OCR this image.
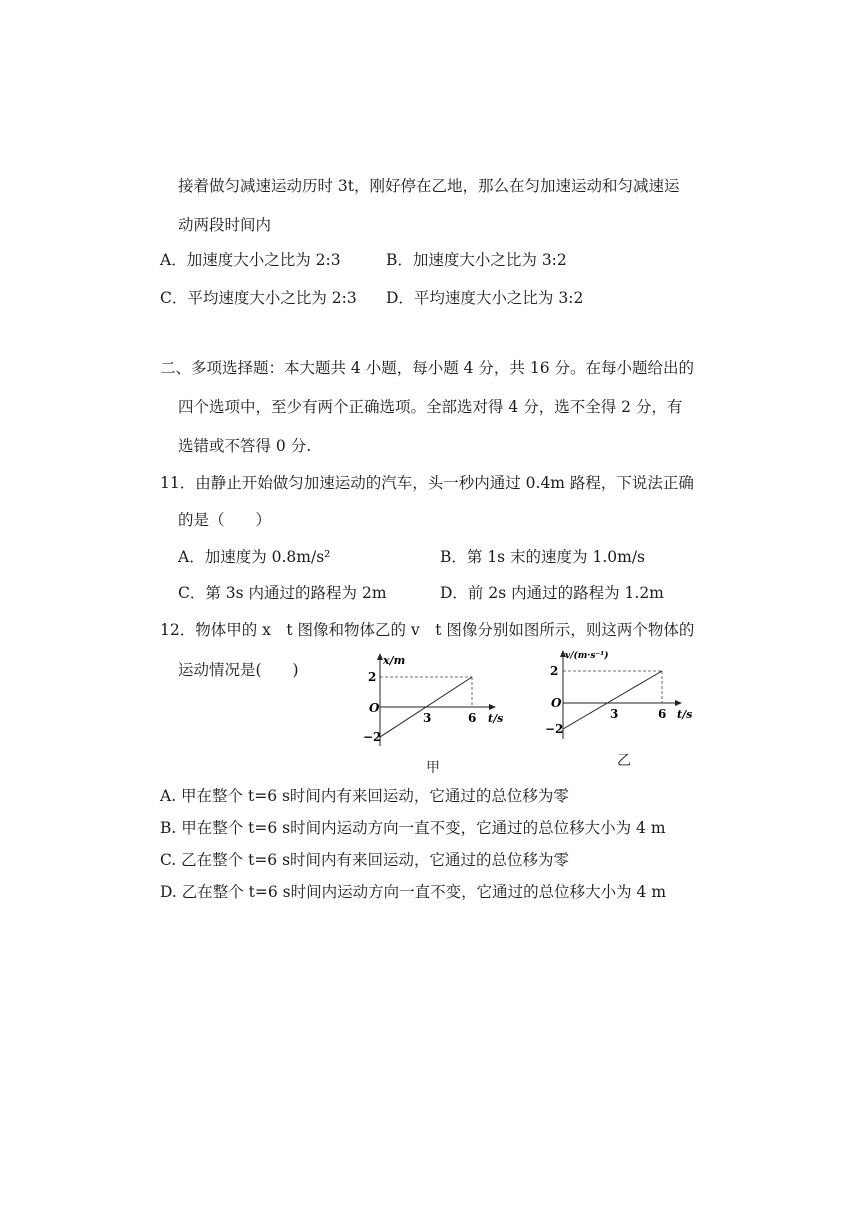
接着做匀减速运动历时 3t，刚好停在乙地，那么在匀加速运动和匀减速运
动两段时间内
A．加速度大小之比为 2:3	B．加速度大小之比为 3:2
C．平均速度大小之比为 2:3 D．平均速度大小之比为 3:2
二、多项选择题：本大题共 4 小题，每小题 4 分，共 16 分。在每小题给出的
四个选项中，至少有两个正确选项。全部选对得 4 分，选不全得 2 分，有
选错或不答得 0 分.
11．由静止开始做匀加速运动的汽车，头一秒内通过 0.4m 路程，下说法正确
的是（　　）
A．加速度为 0.8m/s²	B．第 1s 末的速度为 1.0m/s
C．第 3s 内通过的路程为 2m	D．前 2s 内通过的路程为 1.2m
12．物体甲的 x　t 图像和物体乙的 v　t 图像分别如图所示，则这两个物体的
运动情况是(　　)
x/m
2
O
−2
3	6 t/s
甲
v/(m·s⁻¹)
2
O
−2
3	6 t/s
乙
A. 甲在整个 t=6 s时间内有来回运动，它通过的总位移为零
B. 甲在整个 t=6 s时间内运动方向一直不变，它通过的总位移大小为 4 m
C. 乙在整个 t=6 s时间内有来回运动，它通过的总位移为零
D. 乙在整个 t=6 s时间内运动方向一直不变，它通过的总位移大小为 4 m
